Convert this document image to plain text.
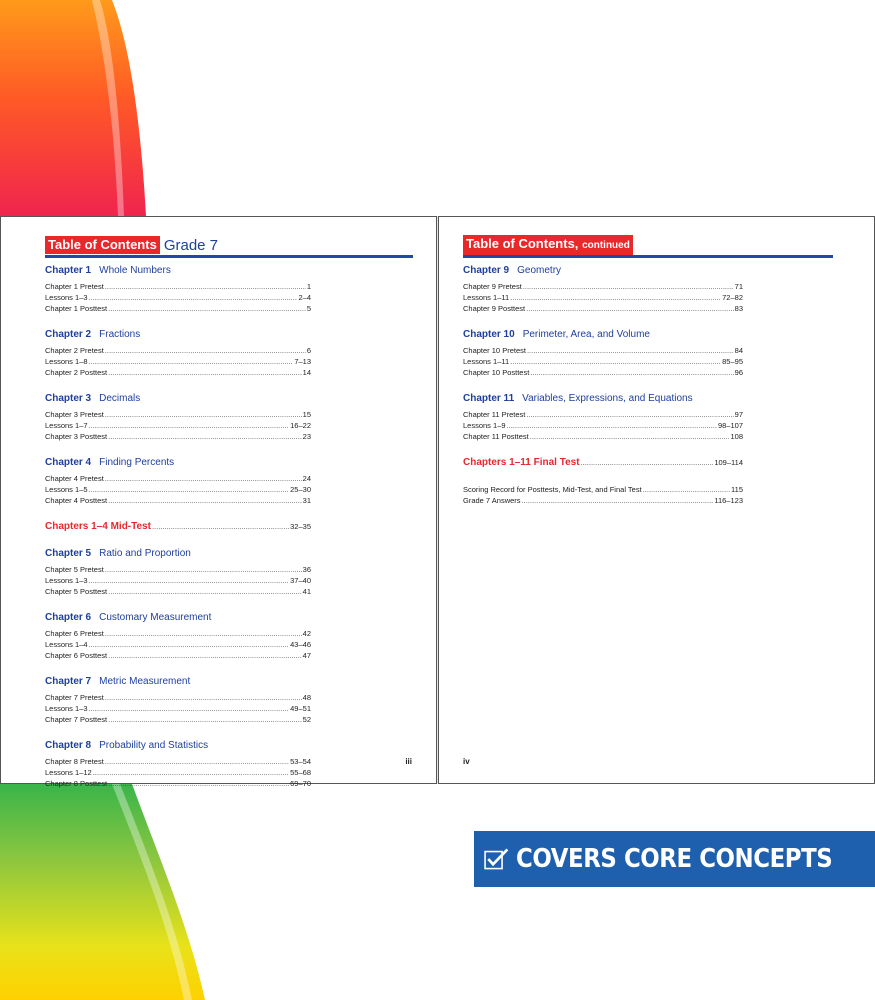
Table of Contents Grade 7
Chapter 1 Whole Numbers
Chapter 1 Pretest .....	1
Lessons 1–3 .....	2–4
Chapter 1 Posttest .....	5
Chapter 2 Fractions
Chapter 2 Pretest .....	6
Lessons 1–8 .....	7–13
Chapter 2 Posttest .....	14
Chapter 3 Decimals
Chapter 3 Pretest .....	15
Lessons 1–7 .....	16–22
Chapter 3 Posttest .....	23
Chapter 4 Finding Percents
Chapter 4 Pretest .....	24
Lessons 1–5 .....	25–30
Chapter 4 Posttest .....	31
Chapters 1–4 Mid-Test .....	32–35
Chapter 5 Ratio and Proportion
Chapter 5 Pretest .....	36
Lessons 1–3 .....	37–40
Chapter 5 Posttest .....	41
Chapter 6 Customary Measurement
Chapter 6 Pretest .....	42
Lessons 1–4 .....	43–46
Chapter 6 Posttest .....	47
Chapter 7 Metric Measurement
Chapter 7 Pretest .....	48
Lessons 1–3 .....	49–51
Chapter 7 Posttest .....	52
Chapter 8 Probability and Statistics
Chapter 8 Pretest .....	53–54
Lessons 1–12 .....	55–68
Chapter 8 Posttest .....	69–70
iii
Table of Contents, continued
Chapter 9 Geometry
Chapter 9 Pretest .....	71
Lessons 1–11 .....	72–82
Chapter 9 Posttest .....	83
Chapter 10 Perimeter, Area, and Volume
Chapter 10 Pretest .....	84
Lessons 1–11 .....	85–95
Chapter 10 Posttest .....	96
Chapter 11 Variables, Expressions, and Equations
Chapter 11 Pretest .....	97
Lessons 1–9 .....	98–107
Chapter 11 Posttest .....	108
Chapters 1–11 Final Test .....	109–114
Scoring Record for Posttests, Mid-Test, and Final Test .....	115
Grade 7 Answers .....	116–123
iv
COVERS CORE CONCEPTS
